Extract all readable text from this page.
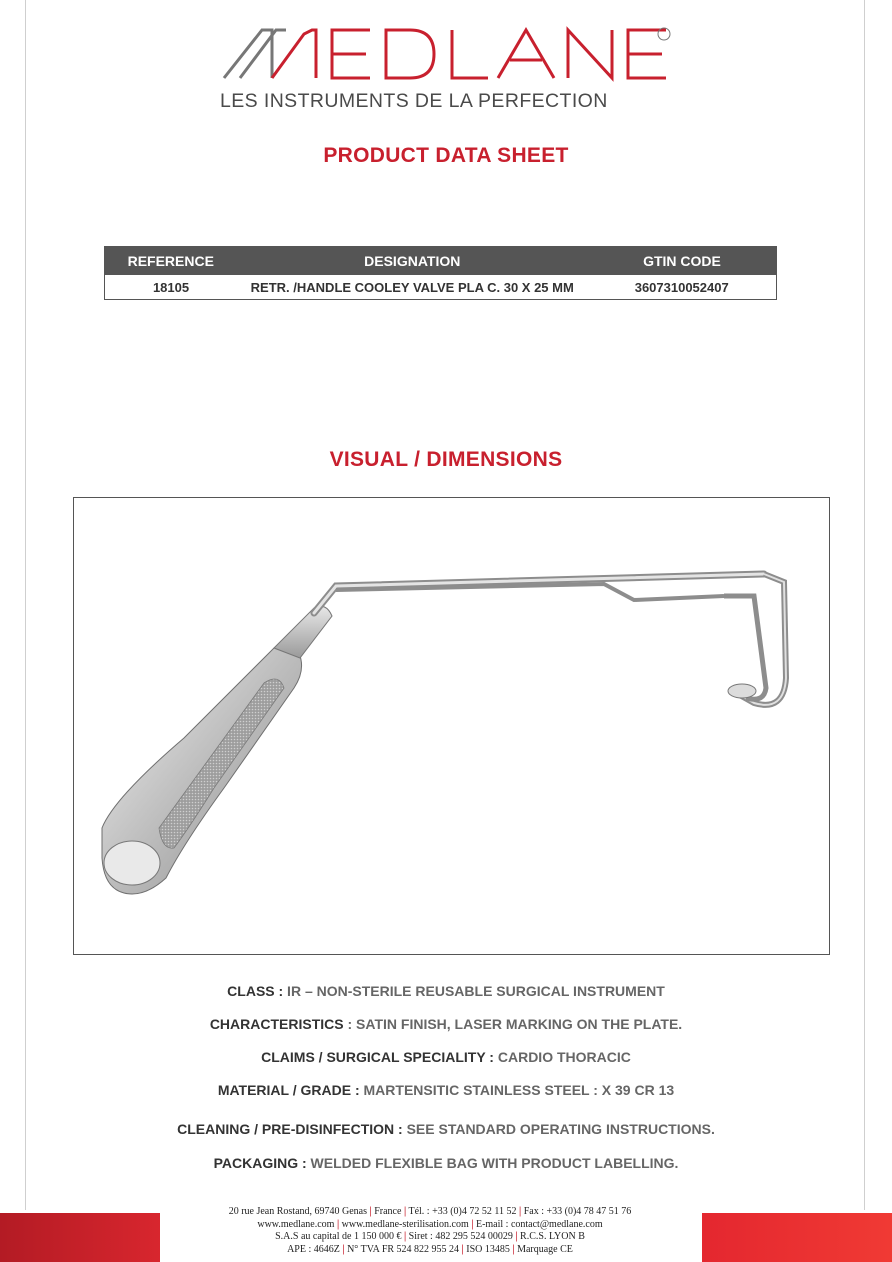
LES INSTRUMENTS DE LA PERFECTION
PRODUCT DATA SHEET
REFERENCE	DESIGNATION	GTIN CODE
18105	RETR. /HANDLE COOLEY VALVE PLA C. 30 X 25 MM	3607310052407
VISUAL / DIMENSIONS
CLASS : IR – NON-STERILE REUSABLE SURGICAL INSTRUMENT
CHARACTERISTICS : SATIN FINISH, LASER MARKING ON THE PLATE.
CLAIMS / SURGICAL SPECIALITY : CARDIO THORACIC
MATERIAL / GRADE : MARTENSITIC STAINLESS STEEL : X 39 CR 13
CLEANING / PRE-DISINFECTION : SEE STANDARD OPERATING INSTRUCTIONS.
PACKAGING : WELDED FLEXIBLE BAG WITH PRODUCT LABELLING.
20 rue Jean Rostand, 69740 Genas | France | Tél. : +33 (0)4 72 52 11 52 | Fax : +33 (0)4 78 47 51 76
www.medlane.com | www.medlane-sterilisation.com | E-mail : contact@medlane.com
S.A.S au capital de 1 150 000 € | Siret : 482 295 524 00029 | R.C.S. LYON B
APE : 4646Z | N° TVA FR 524 822 955 24 | ISO 13485 | Marquage CE
